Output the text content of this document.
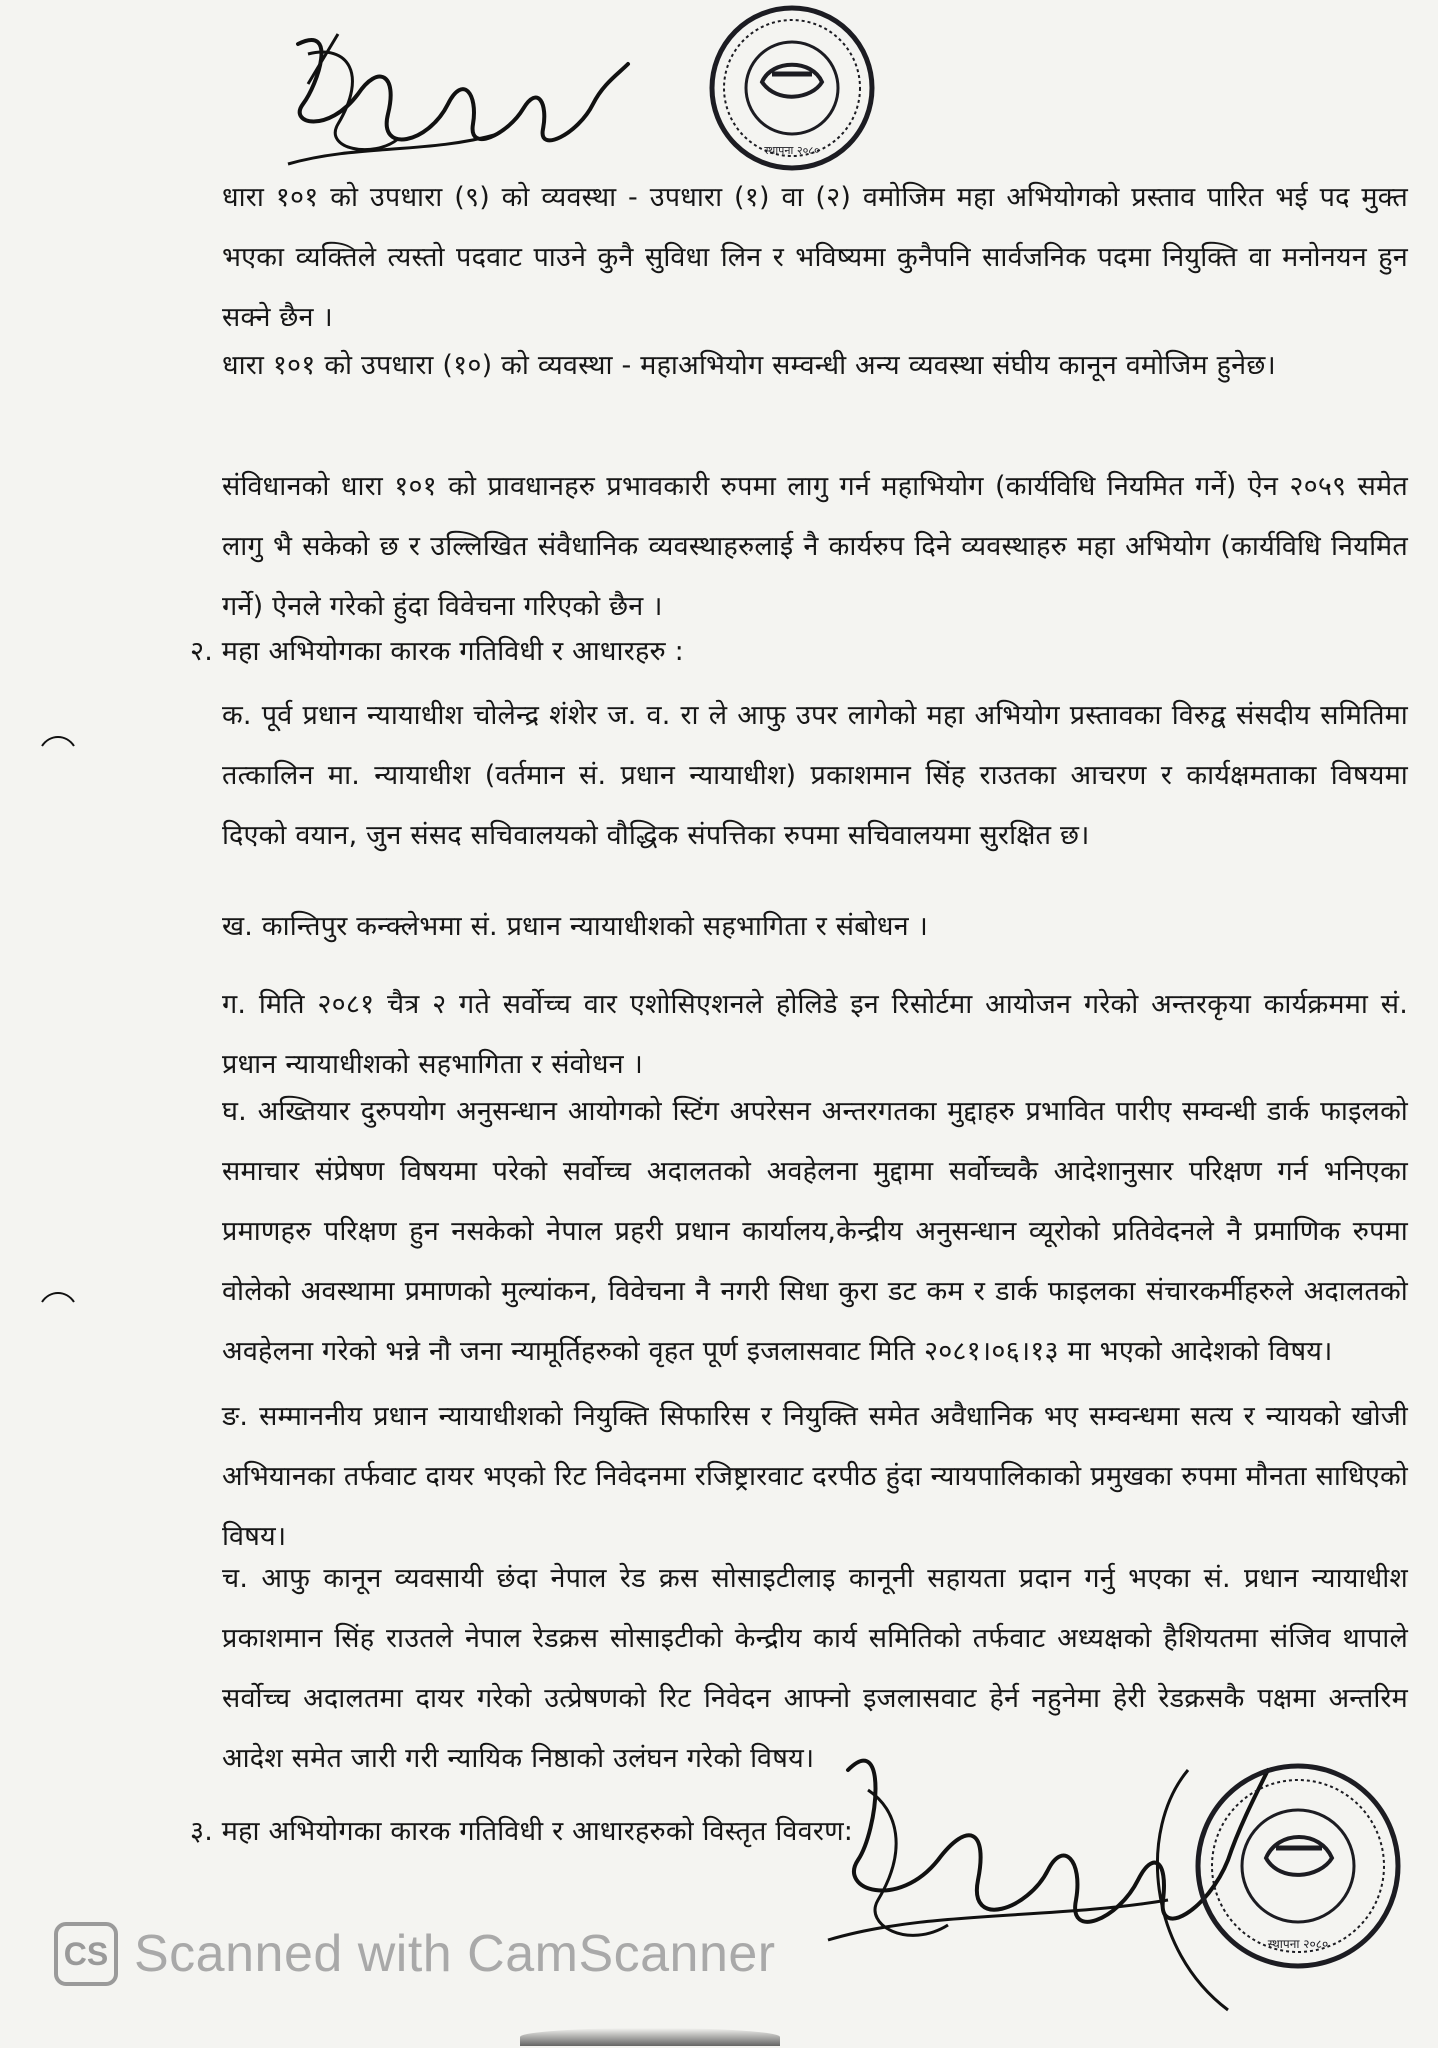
स्थापना २०८०
धारा १०१ को उपधारा (९) को व्यवस्था - उपधारा (१) वा (२) वमोजिम महा अभियोगको प्रस्ताव पारित भई पद मुक्त भएका व्यक्तिले त्यस्तो पदवाट पाउने कुनै सुविधा लिन र भविष्यमा कुनैपनि सार्वजनिक पदमा नियुक्ति वा मनोनयन हुन सक्ने छैन ।
धारा १०१ को उपधारा (१०) को व्यवस्था - महाअभियोग सम्वन्धी अन्य व्यवस्था संघीय कानून वमोजिम हुनेछ।
संविधानको धारा १०१ को प्रावधानहरु प्रभावकारी रुपमा लागु गर्न महाभियोग (कार्यविधि नियमित गर्ने) ऐन २०५९ समेत लागु भै सकेको छ र उल्लिखित संवैधानिक व्यवस्थाहरुलाई नै कार्यरुप दिने व्यवस्थाहरु महा अभियोग (कार्यविधि नियमित गर्ने) ऐनले गरेको हुंदा विवेचना गरिएको छैन ।
२. महा अभियोगका कारक गतिविधी र आधारहरु :
क. पूर्व प्रधान न्यायाधीश चोलेन्द्र शंशेर ज. व. रा ले आफु उपर लागेको महा अभियोग प्रस्तावका विरुद्व संसदीय समितिमा तत्कालिन मा. न्यायाधीश (वर्तमान सं. प्रधान न्यायाधीश) प्रकाशमान सिंह राउतका आचरण र कार्यक्षमताका विषयमा दिएको वयान, जुन संसद सचिवालयको वौद्धिक संपत्तिका रुपमा सचिवालयमा सुरक्षित छ।
ख. कान्तिपुर कन्क्लेभमा सं. प्रधान न्यायाधीशको सहभागिता र संबोधन ।
ग. मिति २०८१ चैत्र २ गते सर्वोच्च वार एशोसिएशनले होलिडे इन रिसोर्टमा आयोजन गरेको अन्तरकृया कार्यक्रममा सं. प्रधान न्यायाधीशको सहभागिता र संवोधन ।
घ. अख्तियार दुरुपयोग अनुसन्धान आयोगको स्टिंग अपरेसन अन्तरगतका मुद्दाहरु प्रभावित पारीए सम्वन्धी डार्क फाइलको समाचार संप्रेषण विषयमा परेको सर्वोच्च अदालतको अवहेलना मुद्दामा सर्वोच्चकै आदेशानुसार परिक्षण गर्न भनिएका प्रमाणहरु परिक्षण हुन नसकेको नेपाल प्रहरी प्रधान कार्यालय,केन्द्रीय अनुसन्धान व्यूरोको प्रतिवेदनले नै प्रमाणिक रुपमा वोलेको अवस्थामा प्रमाणको मुल्यांकन, विवेचना नै नगरी सिधा कुरा डट कम र डार्क फाइलका संचारकर्मीहरुले अदालतको अवहेलना गरेको भन्ने नौ जना न्यामूर्तिहरुको वृहत पूर्ण इजलासवाट मिति २०८१।०६।१३ मा भएको आदेशको विषय।
ङ. सम्माननीय प्रधान न्यायाधीशको नियुक्ति सिफारिस र नियुक्ति समेत अवैधानिक भए सम्वन्धमा सत्य र न्यायको खोजी अभियानका तर्फवाट दायर भएको रिट निवेदनमा रजिष्ट्रारवाट दरपीठ हुंदा न्यायपालिकाको प्रमुखका रुपमा मौनता साधिएको विषय।
च. आफु कानून व्यवसायी छंदा नेपाल रेड क्रस सोसाइटीलाइ कानूनी सहायता प्रदान गर्नु भएका सं. प्रधान न्यायाधीश प्रकाशमान सिंह राउतले नेपाल रेडक्रस सोसाइटीको केन्द्रीय कार्य समितिको तर्फवाट अध्यक्षको हैशियतमा संजिव थापाले सर्वोच्च अदालतमा दायर गरेको उत्प्रेषणको रिट निवेदन आफ्नो इजलासवाट हेर्न नहुनेमा हेरी रेडक्रसकै पक्षमा अन्तरिम आदेश समेत जारी गरी न्यायिक निष्ठाको उलंघन गरेको विषय।
३. महा अभियोगका कारक गतिविधी र आधारहरुको विस्तृत विवरण:
स्थापना २०८०
CS Scanned with CamScanner
